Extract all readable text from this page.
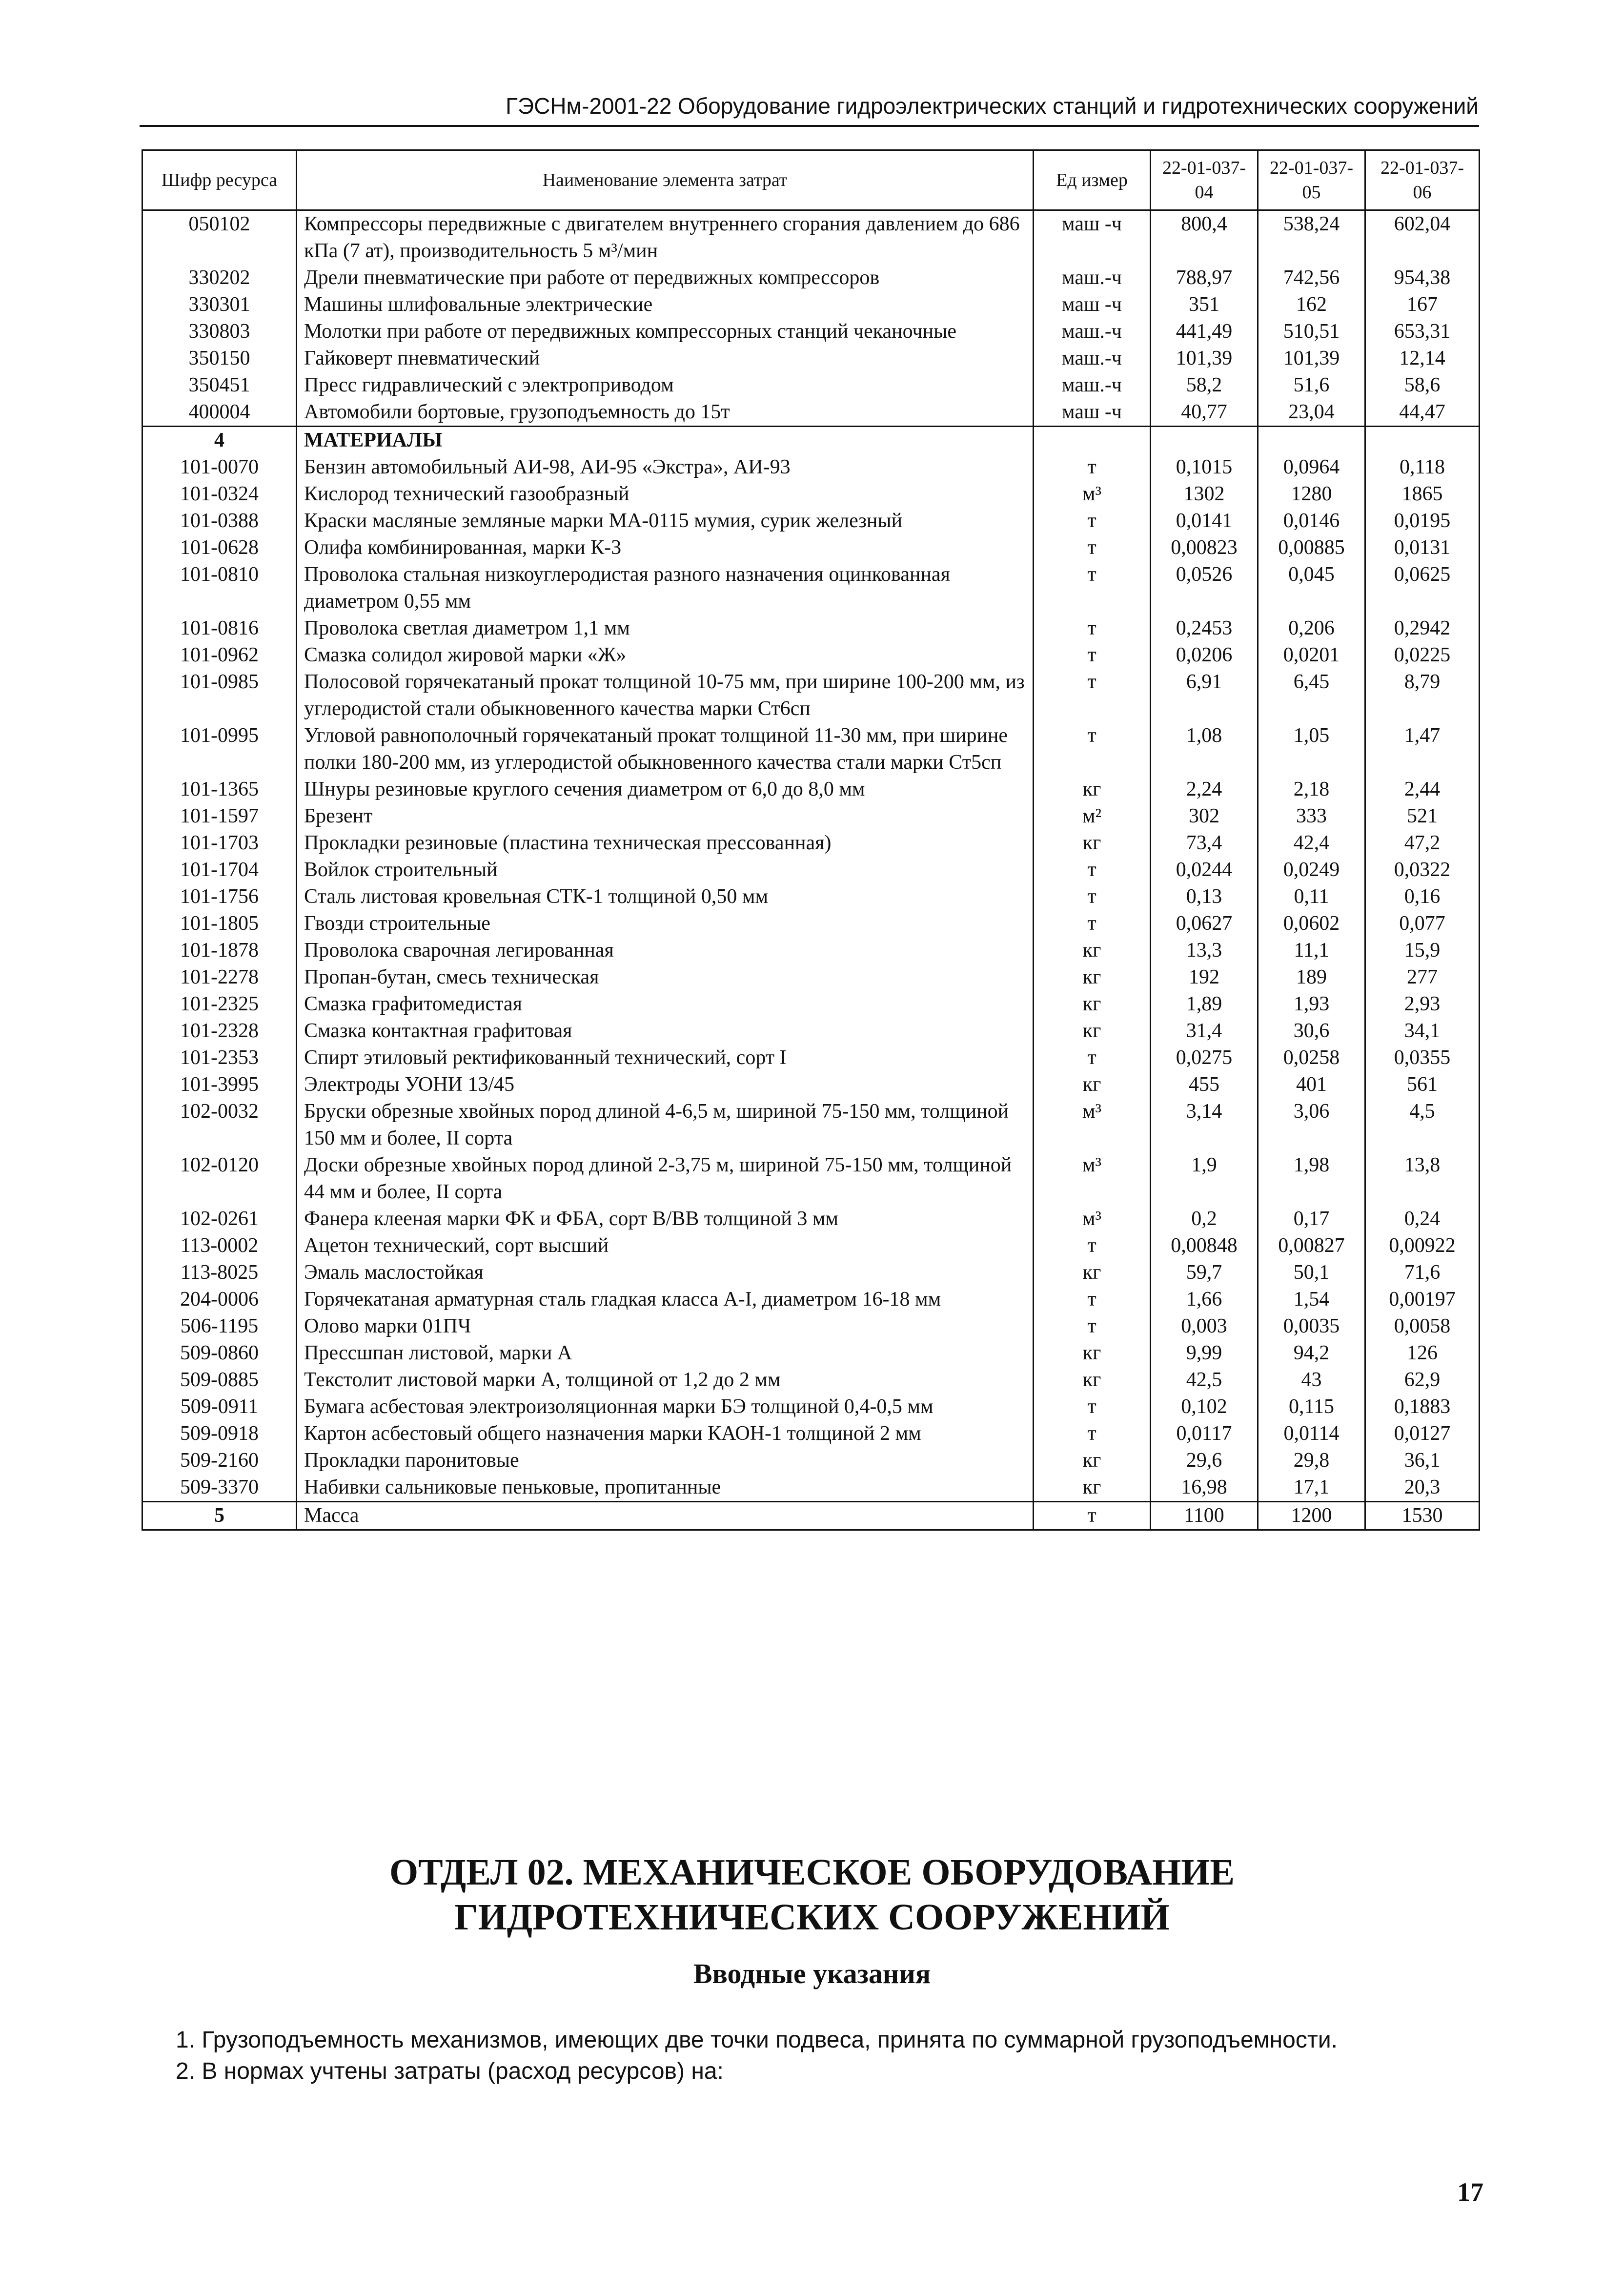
ГЭСНм-2001-22 Оборудование гидроэлектрических станций и гидротехнических сооружений
Шифр ресурса	Наименование элемента затрат	Ед измер	22-01-037-04	22-01-037-05	22-01-037-06
050102	Компрессоры передвижные с двигателем внутреннего сгорания давлением до 686 кПа (7 ат), производительность 5 м³/мин	маш -ч	800,4	538,24	602,04
330202	Дрели пневматические при работе от передвижных компрессоров	маш.-ч	788,97	742,56	954,38
330301	Машины шлифовальные электрические	маш -ч	351	162	167
330803	Молотки при работе от передвижных компрессорных станций чеканочные	маш.-ч	441,49	510,51	653,31
350150	Гайковерт пневматический	маш.-ч	101,39	101,39	12,14
350451	Пресс гидравлический с электроприводом	маш.-ч	58,2	51,6	58,6
400004	Автомобили бортовые, грузоподъемность до 15т	маш -ч	40,77	23,04	44,47
4	МАТЕРИАЛЫ				
101-0070	Бензин автомобильный АИ-98, АИ-95 «Экстра», АИ-93	т	0,1015	0,0964	0,118
101-0324	Кислород технический газообразный	м³	1302	1280	1865
101-0388	Краски масляные земляные марки МА-0115 мумия, сурик железный	т	0,0141	0,0146	0,0195
101-0628	Олифа комбинированная, марки К-3	т	0,00823	0,00885	0,0131
101-0810	Проволока стальная низкоуглеродистая разного назначения оцинкованная диаметром 0,55 мм	т	0,0526	0,045	0,0625
101-0816	Проволока светлая диаметром 1,1 мм	т	0,2453	0,206	0,2942
101-0962	Смазка солидол жировой марки «Ж»	т	0,0206	0,0201	0,0225
101-0985	Полосовой горячекатаный прокат толщиной 10-75 мм, при ширине 100-200 мм, из углеродистой стали обыкновенного качества марки Ст6сп	т	6,91	6,45	8,79
101-0995	Угловой равнополочный горячекатаный прокат толщиной 11-30 мм, при ширине полки 180-200 мм, из углеродистой обыкновенного качества стали марки Ст5сп	т	1,08	1,05	1,47
101-1365	Шнуры резиновые круглого сечения диаметром от 6,0 до 8,0 мм	кг	2,24	2,18	2,44
101-1597	Брезент	м²	302	333	521
101-1703	Прокладки резиновые (пластина техническая прессованная)	кг	73,4	42,4	47,2
101-1704	Войлок строительный	т	0,0244	0,0249	0,0322
101-1756	Сталь листовая кровельная СТК-1 толщиной 0,50 мм	т	0,13	0,11	0,16
101-1805	Гвозди строительные	т	0,0627	0,0602	0,077
101-1878	Проволока сварочная легированная	кг	13,3	11,1	15,9
101-2278	Пропан-бутан, смесь техническая	кг	192	189	277
101-2325	Смазка графитомедистая	кг	1,89	1,93	2,93
101-2328	Смазка контактная графитовая	кг	31,4	30,6	34,1
101-2353	Спирт этиловый ректификованный технический, сорт I	т	0,0275	0,0258	0,0355
101-3995	Электроды УОНИ 13/45	кг	455	401	561
102-0032	Бруски обрезные хвойных пород длиной 4-6,5 м, шириной 75-150 мм, толщиной 150 мм и более, II сорта	м³	3,14	3,06	4,5
102-0120	Доски обрезные хвойных пород длиной 2-3,75 м, шириной 75-150 мм, толщиной 44 мм и более, II сорта	м³	1,9	1,98	13,8
102-0261	Фанера клееная марки ФК и ФБА, сорт В/ВВ толщиной 3 мм	м³	0,2	0,17	0,24
113-0002	Ацетон технический, сорт высший	т	0,00848	0,00827	0,00922
113-8025	Эмаль маслостойкая	кг	59,7	50,1	71,6
204-0006	Горячекатаная арматурная сталь гладкая класса А-I, диаметром 16-18 мм	т	1,66	1,54	0,00197
506-1195	Олово марки 01ПЧ	т	0,003	0,0035	0,0058
509-0860	Прессшпан листовой, марки А	кг	9,99	94,2	126
509-0885	Текстолит листовой марки А, толщиной от 1,2 до 2 мм	кг	42,5	43	62,9
509-0911	Бумага асбестовая электроизоляционная марки БЭ толщиной 0,4-0,5 мм	т	0,102	0,115	0,1883
509-0918	Картон асбестовый общего назначения марки КАОН-1 толщиной 2 мм	т	0,0117	0,0114	0,0127
509-2160	Прокладки паронитовые	кг	29,6	29,8	36,1
509-3370	Набивки сальниковые пеньковые, пропитанные	кг	16,98	17,1	20,3
5	Масса	т	1100	1200	1530
ОТДЕЛ 02. МЕХАНИЧЕСКОЕ ОБОРУДОВАНИЕ
ГИДРОТЕХНИЧЕСКИХ СООРУЖЕНИЙ
Вводные указания
1. Грузоподъемность механизмов, имеющих две точки подвеса, принята по суммарной грузоподъемности.
2. В нормах учтены затраты (расход ресурсов) на:
17
